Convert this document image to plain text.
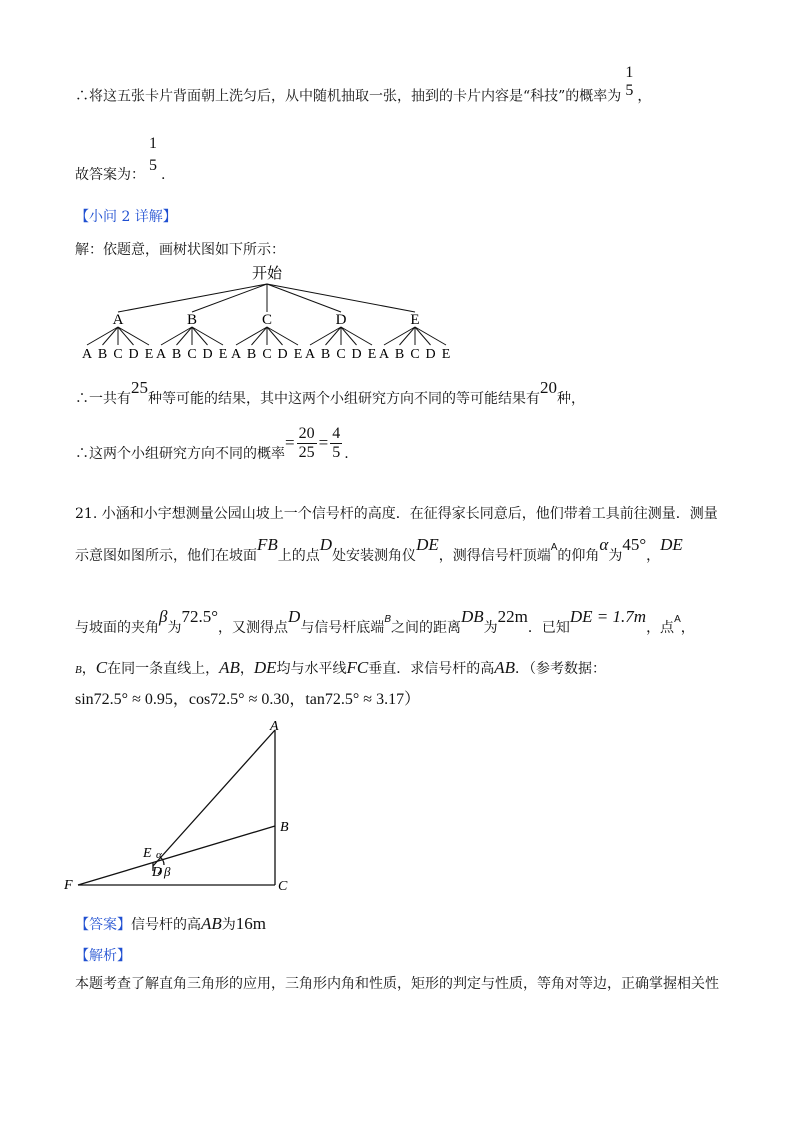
∴将这五张卡片背面朝上洗匀后，从中随机抽取一张，抽到的卡片内容是“科技”的概率为
1
5 ，
故答案为：
1
5
.
【小问 2 详解】
解：依题意，画树状图如下所示：
开始
A	B	C	D	E
A B C D E A B C D E A B C D E A B C D E A B C D E
∴一共有25种等可能的结果，其中这两个小组研究方向不同的等可能结果有20种，
∴这两个小组研究方向不同的概率= $\frac{20}{25} = \frac{4}{5}$ .
21. 小涵和小宇想测量公园山坡上一个信号杆的高度．在征得家长同意后，他们带着工具前往测量．测量
示意图如图所示，他们在坡面FB上的点D处安装测角仪DE，测得信号杆顶端$^A$的仰角α为45°，DE
与坡面的夹角β为72.5°，又测得点D与信号杆底端$^B$之间的距离DB为22m．已知DE = 1.7m，点$^A$，
B，C在同一条直线上，AB，DE均与水平线FC垂直．求信号杆的高AB．（参考数据：
sin72.5° ≈ 0.95，cos72.5° ≈ 0.30，tan72.5° ≈ 3.17）
A
B
C
E α
F
D β
【答案】信号杆的高AB为16m
【解析】
本题考查了解直角三角形的应用，三角形内角和性质，矩形的判定与性质，等角对等边，正确掌握相关性
